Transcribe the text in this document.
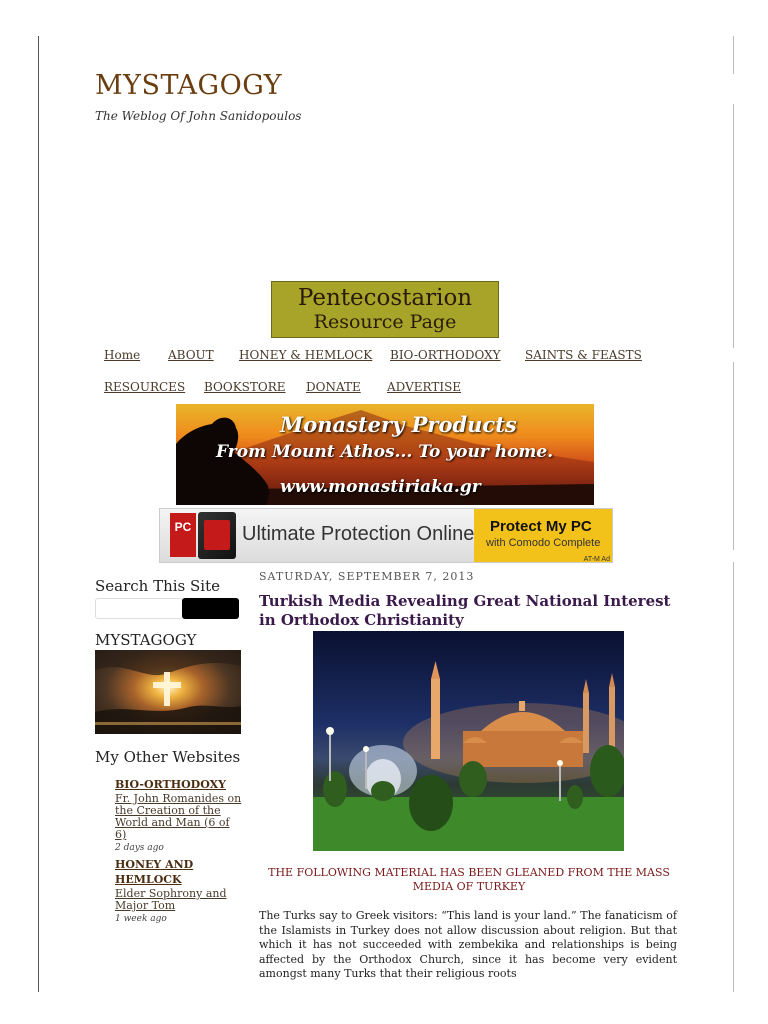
MYSTAGOGY
The Weblog Of John Sanidopoulos
Pentecostarion
Resource Page
Home ABOUT HONEY & HEMLOCK BIO-ORTHODOXY SAINTS & FEASTS
RESOURCES BOOKSTORE DONATE ADVERTISE
Monastery Products
From Mount Athos... To your home.
www.monastiriaka.gr
PC	Ultimate Protection Online Protect My PC
with Comodo Complete
AT-M Ad
Search This Site
MYSTAGOGY
My Other Websites
BIO-ORTHODOXY
Fr. John Romanides on the Creation of the World and Man (6 of 6)
2 days ago
HONEY AND HEMLOCK
Elder Sophrony and Major Tom
1 week ago
SATURDAY, SEPTEMBER 7, 2013
Turkish Media Revealing Great National Interest in Orthodox Christianity
THE FOLLOWING MATERIAL HAS BEEN GLEANED FROM THE MASS MEDIA OF TURKEY
The Turks say to Greek visitors: “This land is your land.” The fanaticism of the Islamists in Turkey does not allow discussion about religion. But that which it has not succeeded with zembekika and relationships is being affected by the Orthodox Church, since it has become very evident amongst many Turks that their religious roots
